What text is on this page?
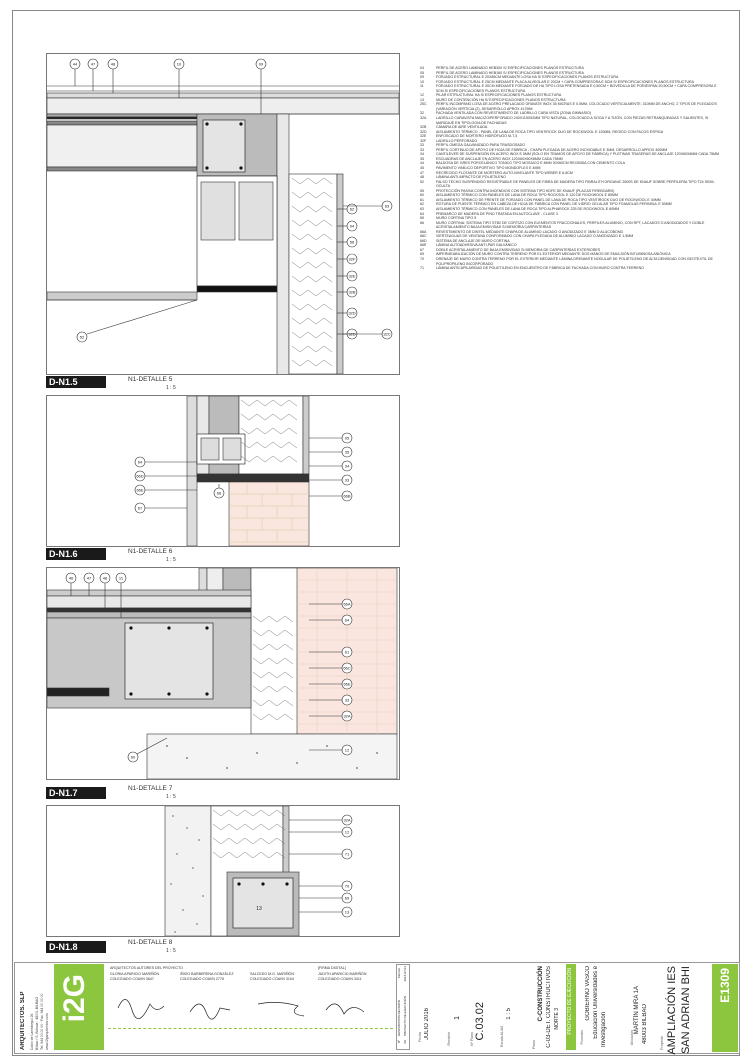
44	47	48	10	09
62
63
04
56
32F
32E
32B
32D
32D	32C
52
D-N1.5	N1-DETALLE 5
1 : 5
05
35
34
33
66B
64
66D
66E
67
66
D-N1.6	N1-DETALLE 6
1 : 5
46	47	48	11
66A
64
61
66C
66E
33
32A
12
60
D-N1.7	N1-DETALLE 7
1 : 5
32A
12
71
70
69
13
13
D-N1.8	N1-DETALLE 8
1 : 5
04	PERFIL DE ACERO LAMINADO HEB300 S/ ESPECIFICACIONES PLANOS ESTRUCTURA
05	PERFIL DE ACERO LAMINADO HEB160 S/ ESPECIFICACIONES PLANOS ESTRUCTURA
09	FORJADO ESTRUCTURAL E 20X85CM MEDIANTE LOSA HA S/ ESPECIFICACIONES PLANOS ESTRUCTURA
10	FORJADO ESTRUCTURAL E 25CM MEDIANTE PLACA ALVEOLAR E 20CM + CAPA COMPRESORA E 5CM S/ ESPECIFICACIONES PLANOS ESTRUCTURA
11	FORJADO ESTRUCTURAL E 30CM MEDIANTE FORJADO DE HA TIPO LOSA PRETENSADA E 0,50CM + BOVEDILLA DE PORIEXPAN 20,50CM + CAPA COMPRESORA E 5CM S/ ESPECIFICACIONES PLANOS ESTRUCTURA
12	PILAR ESTRUCTURAL HA S/ ESPECIFICACIONES PLANOS ESTRUCTURA
13	MURO DE CONTENCIÓN HA S/ ESPECIFICACIONES PLANOS ESTRUCTURA
25C	PERFIL INCOMPANO LOSA DE ACERO PRELACADO GRAVATE INOX 35 MICRAS E 0,5MM, COLOCADO VERTICALMENTE, 310MM DE ANCHO, 2 TIPOS DE PLEGADOS (VARIACIÓN VERTICAL(2), DESARROLLO APROX 417MM
32	FACHADA VENTILADA CON REVESTIMIENTO DE LADRILLO CARA VISTA (ZONA GIMNASIO)
32A	LADRILLO CARAVISTA MACIZO/PERFORADO 240X115X52MM TIPO NATURAL, COLOCADO A SOGA Y A TIZÓN, CON PIEZAS RETRANQUEADAS Y SALIENTES, SI MARIDAJE EN TIPOLOGIA DE FACHADAS
32B	CÁMARA DE AIRE VENTILADA
32D	AISLAMIENTO TÉRMICO - PANEL DE LANA DE ROCA TIPO VENTIROCK DUO DE ROCKWOOL E 120MM, REGIDO CON FACOS ESPIGA
32E	ENFOSCADO DE MORTERO HIDRÓFUGO M-7,5
32F	LADRILLO PERFORADO
33	PERFIL OMEGA GALVANIZADO PARA TRASDOSADO
33	PERFIL CORTINUO DE APOYO DE HOJA DE FÁBRICA - CHAPA PLEGADA DE ACERO INOXIDABLE E 3MM, DESARROLLO APROX 400MM
34	CANTILEVER DE SUSPENSIÓN EN ACERO INOX E 5MM (SOLO EN TRAMOS DE APOYO DE FÁBRICA) Y PLETINAS TRASERAS DE ANCLAJE 120X60X6MM CADA 75MM
35	ESCUADRAS DE ANCLAJE EN ACERO INOX 120X60X60X6MM CADA 75MM
44	BALDOSA DE GRES PORCELÁNICO TONICO TIPO MOSAICO E 8MM 30X60CM RECIBIDA CON CEMENTO COLA
45	PAVIMENTO VINÍLICO DEPORTIVO TIPO MONDOFLEX E 4MM
47	RECRECIDO FLOTANTE DE MORTERO AUTO-NIVELANTE TIPO WEBER E 6-8CM
48	LÁMINA ANTI-IMPACTO DE POLIETILENO
52	FALSO TECHO SUSPENDIDO REGISTRABLE DE PANELES DE FIBRA DE MADERA TIPO FIBRALITH ORGANIC 2500S DE KNAUF SOBRE PERFILERÍA TIPO T24 SEMI-OCULTA
55	PROTECCIÓN PASIVA CONTRA INCENDIOS CON SISTEMA TIPO KDFE DE KNAUF (PLACAS FIREBOARD)
60	AISLAMIENTO TÉRMICO CON PANELES DE LANA DE ROCA TIPO ROCKSOL E 120 DE ROCKWOOL E 80MM
61	AISLAMIENTO TÉRMICO DE FRENTE DE FORJADO CON PANEL DE LANA DE ROCA TIPO VENTIROCK DUO DE ROCKWOOL E 40MM
62	ROTURA DE PUENTE TÉRMICO EN CABEZA DE HOJA DE FÁBRICA CON PANEL DE VIDRIO CELULAR TIPO FOAMGLAS PERINSUL E 50MM
63	AISLAMIENTO TÉRMICO CON PANELES DE LANA DE ROCA TIPO ALPHAROCK 225 DE ROCKWOOL E 60MM
64	PREMARCO DE MADERA DE PINO TRATADA EN AUTOCLAVE - CLASE 3
65	MURO CORTINA TIPO 5
66	MURO CORTINA: SISTEMA TIPO STB2 DE CORTIZO CON ELEMENTOS FRACCIONALES, PERFILES ALUMINIO, CON RPT, LACADOS O ANODIZADOS Y DOBLE ACRISTALAMIENTO BAJA EMISIVIDAD SI MEMORIA CARPINTERÍAS
66A	REVESTIMIENTO DE DINTEL MEDIANTE CHAPA DE ALUMINIO LACADO O ANODIZADO E 3MM O ALUCOBOND
66C	VIERTEAGUAS DE VENTANA CONFORMADO CON CHAPA PLEGADA DE ALUMINIO LACADO O ANODIZADO E 1,5MM
66D	SISTEMA DE ANCLAJE DE MURO CORTINA
66E	LÁMINA AUTOADHESIVA ANTI-PAR GALVÁNICO
67	DOBLE ACRISTALAMIENTO DE BAJA EMISIVIDAD SI MEMORIA DE CARPINTERÍAS EXTERIORES
69	IMPERMEABILIZACIÓN DE MURO CONTRA TERRENO POR EL EXTERIOR MEDIANTE DOS MANOS DE EMULSIÓN BITUMINOSA ANIÓNICA
70	DRENAJE DE MURO CONTRA TERRENO POR EL EXTERIOR MEDIANTE LÁMINA DRENANTE NODULAR DE POLIETILENO DE ALTA DENSIDAD CON GEOTEXTIL DE POLIPROPILENO INCORPORADO
71	LÁMINA ANTICAPILARIDAD DE POLIETILENO EN ENCUENTRO DE FÁBRICA DE FACHADA CON MURO CONTRA TERRENO
i2G
ARQUITECTOS. SLP Colón de Larreátegui 26 Bilbao / S. Bizkaia · 48001 BILBAO Tel. 944 00 00 00 · Fax. 944 00 00 00 www.i2garquitectos.com
ARQUITECTOS AUTORES DEL PROYECTO	[FIRMA DIGITAL]
GLORIA APARICIO MARIÑÓN
COLEGIADO COAVN 3647
IÑIGO BARBERENA GONZÁLEZ
COLEGIADO COAVN 2778
SALCEDO M.G. MARIÑÓN
COLEGIADO COAVN 3104
JUDITH APARICIO MARIÑÓN
COLEGIADO COAVN 3411
Nº
DESCRIPCIÓN REVISIÓN
FECHA
00
PROYECTO DE EJECUCIÓN
2016-07-01
Fecha JULIO 2016	Revisión
1
Nº Plano C.03.02	Escala A1/A3
1 : 5
Plano
C-CONSTRUCCIÓN C-03-DET. CONSTRUCTIVOS NORTE 3 PROYECTO DE EJECUCIÓN
Promotor
GOBIERNO VASCO Educación Universidades e Investigación	Ubicación
MARTÍN MIRA 1A 48003 BILBAO	Proyecto AMPLIACIÓN IES SAN ADRIAN BHI E1309
